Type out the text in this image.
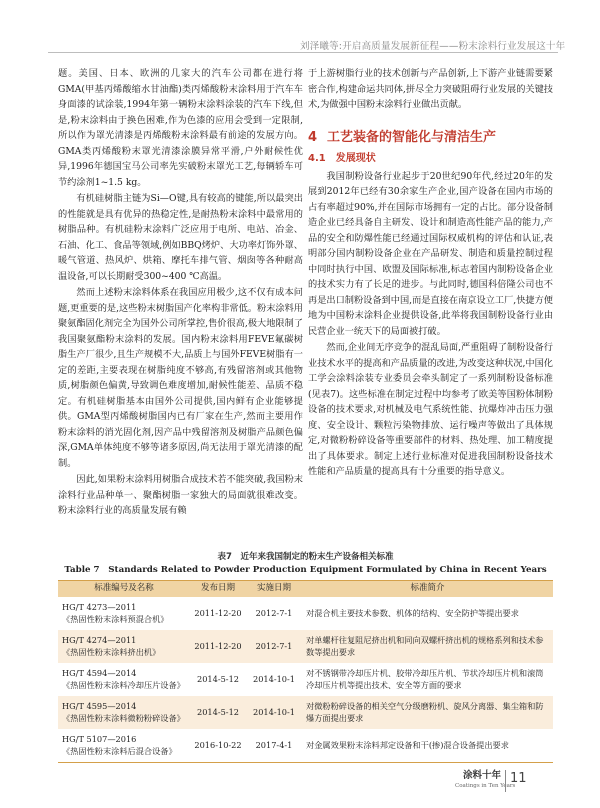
刘泽曦等:开启高质量发展新征程——粉末涂料行业发展这十年

题。美国、日本、欧洲的几家大的汽车公司都在进行将GMA(甲基丙烯酸缩水甘油酯)类丙烯酸粉末涂料用于汽车车身面漆的试涂装,1994年第一辆粉末涂料涂装的汽车下线,但是,粉末涂料由于换色困难,作为色漆的应用会受到一定限制,所以作为罩光清漆是丙烯酸粉末涂料最有前途的发展方向。GMA类丙烯酸粉末罩光清漆涂膜异常平滑,户外耐候性优异,1996年德国宝马公司率先实破粉末罩光工艺,每辆轿车可节约涂剂1~1.5 kg。

有机硅树脂主链为Si—O键,具有较高的键能,所以最突出的性能就是具有优异的热稳定性,是耐热粉末涂料中最常用的树脂品种。有机硅粉末涂料广泛应用于电所、电站、冶金、石油、化工、食品等领域,例如BBQ烤炉、大功率灯饰外罩、暖气管道、热风炉、烘箱、摩托车排气管、烟囱等各种耐高温设备,可以长期耐受300~400 ℃高温。

然而上述粉末涂料体系在我国应用极少,这不仅有成本问题,更重要的是,这些粉末树脂国产化率构非常低。粉末涂料用聚氨酯固化剂完全为国外公司所掌控,售价很高,极大地限制了我国聚氨酯粉末涂料的发展。国内粉末涂料用FEVE氟碳树脂生产厂很少,且生产规模不大,品质上与国外FEVE树脂有一定的差距,主要表现在树脂纯度不够高,有残留溶剂或其他物质,树脂颜色偏黄,导致调色难度增加,耐候性能差、品质不稳定。有机硅树脂基本由国外公司提供,国内鲜有企业能够提供。GMA型丙烯酸树脂国内已有厂家在生产,然而主要用作粉末涂料的消光固化剂,因产品中残留溶剂及树脂产品颜色偏深,GMA单体纯度不够等诸多原因,尚无法用于罩光清漆的配制。

因此,如果粉末涂料用树脂合成技术若不能突破,我国粉末涂料行业品种单一、聚酯树脂一家独大的局面就很难改变。粉末涂料行业的高质量发展有赖

于上游树脂行业的技术创新与产品创新,上下游产业链需要紧密合作,构建命运共同体,拼尽全力突破阻碍行业发展的关键技术,为做强中国粉末涂料行业做出贡献。

4 工艺装备的智能化与清洁生产
4.1 发展现状

我国制粉设备行业起步于20世纪90年代,经过20年的发展到2012年已经有30余家生产企业,国产设备在国内市场的占有率超过90%,并在国际市场拥有一定的占比。部分设备制造企业已经具备自主研发、设计和制造高性能产品的能力,产品的安全和防爆性能已经通过国际权威机构的评估和认证,表明部分国内制粉设备企业在产品研发、制造和质量控制过程中同时执行中国、欧盟及国际标准,标志着国内制粉设备企业的技术实力有了长足的进步。与此同时,德国科倍隆公司也不再是出口制粉设备到中国,而是直接在南京设立工厂,快捷方便地为中国粉末涂料企业提供设备,此举将我国制粉设备行业由民营企业一统天下的局面被打破。

然而,企业间无序竞争的混乱局面,严重阻碍了制粉设备行业技术水平的提高和产品质量的改进,为改变这种状况,中国化工学会涂料涂装专业委员会牵头制定了一系列制粉设备标准(见表7)。这些标准在制定过程中均参考了欧美等国粉体制粉设备的技术要求,对机械及电气系统性能、抗爆炸冲击压力强度、安全设计、颗粒污染物排放、运行噪声等做出了具体规定,对微粉粉碎设备等重要部件的材料、热处理、加工精度提出了具体要求。制定上述行业标准对促进我国制粉设备技术性能和产品质量的提高具有十分重要的指导意义。

表7　近年来我国制定的粉末生产设备相关标准
Table 7　Standards Related to Powder Production Equipment Formulated by China in Recent Years
标准编号及名称	发布日期	实施日期	标准简介
HG/T 4273—2011
《热固性粉末涂料预混合机》	2011-12-20	2012-7-1	对混合机主要技术参数、机体的结构、安全防护等提出要求
HG/T 4274—2011
《热固性粉末涂料挤出机》	2011-12-20	2012-7-1	对单螺杆往复阻尼挤出机和同向双螺杆挤出机的规格系列和技术参数等提出要求
HG/T 4594—2014
《热固性粉末涂料冷却压片设备》	2014-5-12	2014-10-1	对不锈钢带冷却压片机、胶带冷却压片机、节状冷却压片机和滚筒冷却压片机等提出技术、安全等方面的要求
HG/T 4595—2014
《热固性粉末涂料微粉粉碎设备》	2014-5-12	2014-10-1	对微粉粉碎设备的相关空气分级磨粉机、旋风分离器、集尘箱和防爆方面提出要求
HG/T 5107—2016
《热固性粉末涂料后混合设备》	2016-10-22	2017-4-1	对金属效果粉末涂料邦定设备和干(掺)混合设备提出要求
涂料十年
Coatings in Ten Years
11
